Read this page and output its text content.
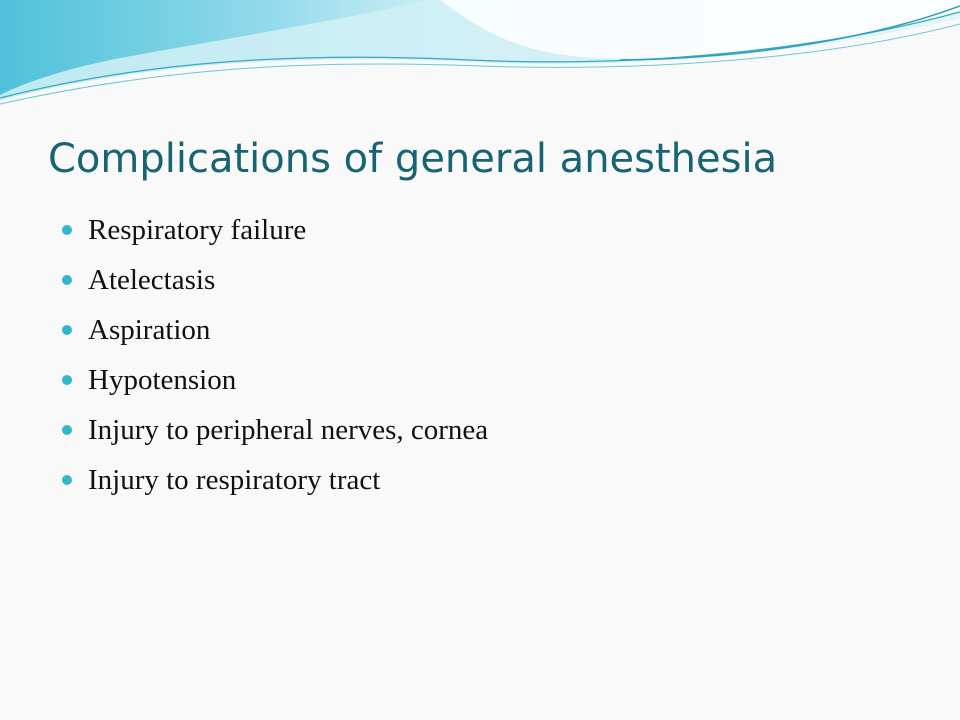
Complications of general anesthesia
Respiratory failure
Atelectasis
Aspiration
Hypotension
Injury to peripheral nerves, cornea
Injury to respiratory tract
